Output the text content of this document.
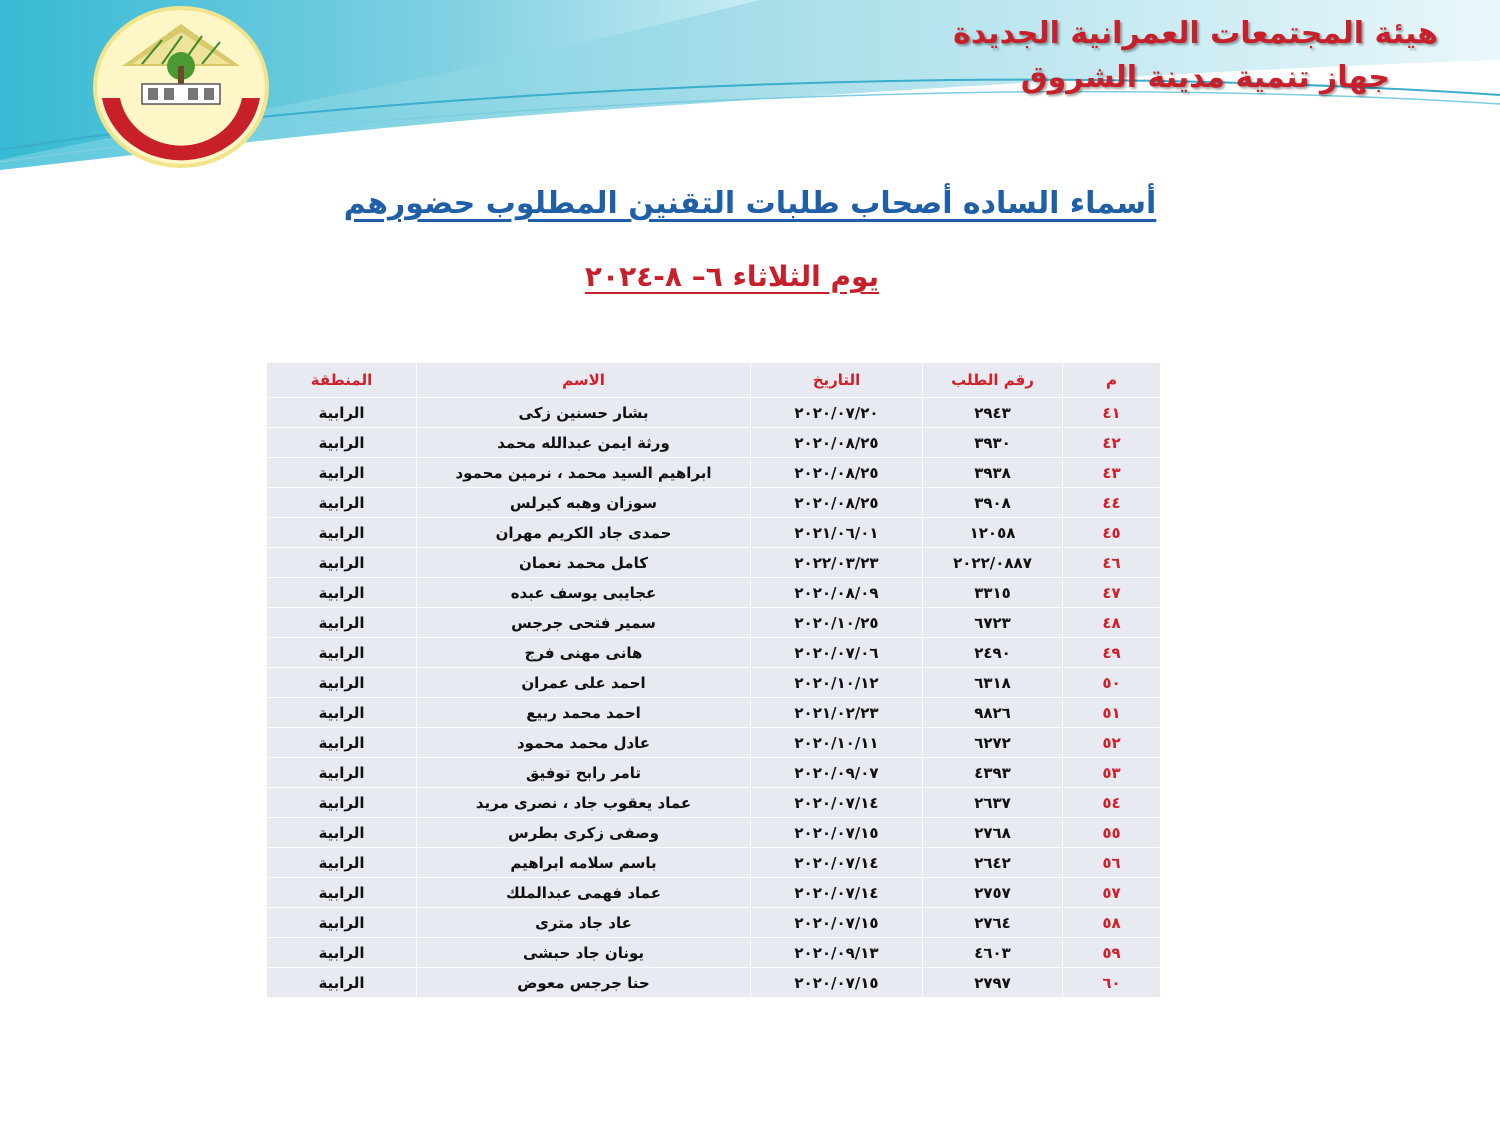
هيئة المجتمعات العمرانية الجديدة
جهاز تنمية مدينة الشروق
أسماء الساده أصحاب طلبات التقنين المطلوب حضورهم
يوم الثلاثاء ٦– ٨-٢٠٢٤
م	رقم الطلب	التاريخ	الاسم	المنطقة
٤١	٢٩٤٣	٢٠٢٠/٠٧/٢٠	بشار حسنين زكى	الرابية
٤٢	٣٩٣٠	٢٠٢٠/٠٨/٢٥	ورثة ايمن عبدالله محمد	الرابية
٤٣	٣٩٣٨	٢٠٢٠/٠٨/٢٥	ابراهيم السيد محمد ، نرمين محمود	الرابية
٤٤	٣٩٠٨	٢٠٢٠/٠٨/٢٥	سوزان وهبه كيرلس	الرابية
٤٥	١٢٠٥٨	٢٠٢١/٠٦/٠١	حمدى جاد الكريم مهران	الرابية
٤٦	٢٠٢٢/٠٨٨٧	٢٠٢٢/٠٣/٢٣	كامل محمد نعمان	الرابية
٤٧	٣٣١٥	٢٠٢٠/٠٨/٠٩	عجايبى يوسف عبده	الرابية
٤٨	٦٧٢٣	٢٠٢٠/١٠/٢٥	سمير فتحى جرجس	الرابية
٤٩	٢٤٩٠	٢٠٢٠/٠٧/٠٦	هانى مهنى فرج	الرابية
٥٠	٦٣١٨	٢٠٢٠/١٠/١٢	احمد على عمران	الرابية
٥١	٩٨٢٦	٢٠٢١/٠٢/٢٣	احمد محمد ربيع	الرابية
٥٢	٦٢٧٢	٢٠٢٠/١٠/١١	عادل محمد محمود	الرابية
٥٣	٤٣٩٣	٢٠٢٠/٠٩/٠٧	تامر رابح توفيق	الرابية
٥٤	٢٦٣٧	٢٠٢٠/٠٧/١٤	عماد يعقوب جاد ، نصرى مريد	الرابية
٥٥	٢٧٦٨	٢٠٢٠/٠٧/١٥	وصفى زكرى بطرس	الرابية
٥٦	٢٦٤٢	٢٠٢٠/٠٧/١٤	باسم سلامه ابراهيم	الرابية
٥٧	٢٧٥٧	٢٠٢٠/٠٧/١٤	عماد فهمى عبدالملك	الرابية
٥٨	٢٧٦٤	٢٠٢٠/٠٧/١٥	عاد جاد مترى	الرابية
٥٩	٤٦٠٣	٢٠٢٠/٠٩/١٣	يونان جاد حبشى	الرابية
٦٠	٢٧٩٧	٢٠٢٠/٠٧/١٥	حنا جرجس معوض	الرابية
